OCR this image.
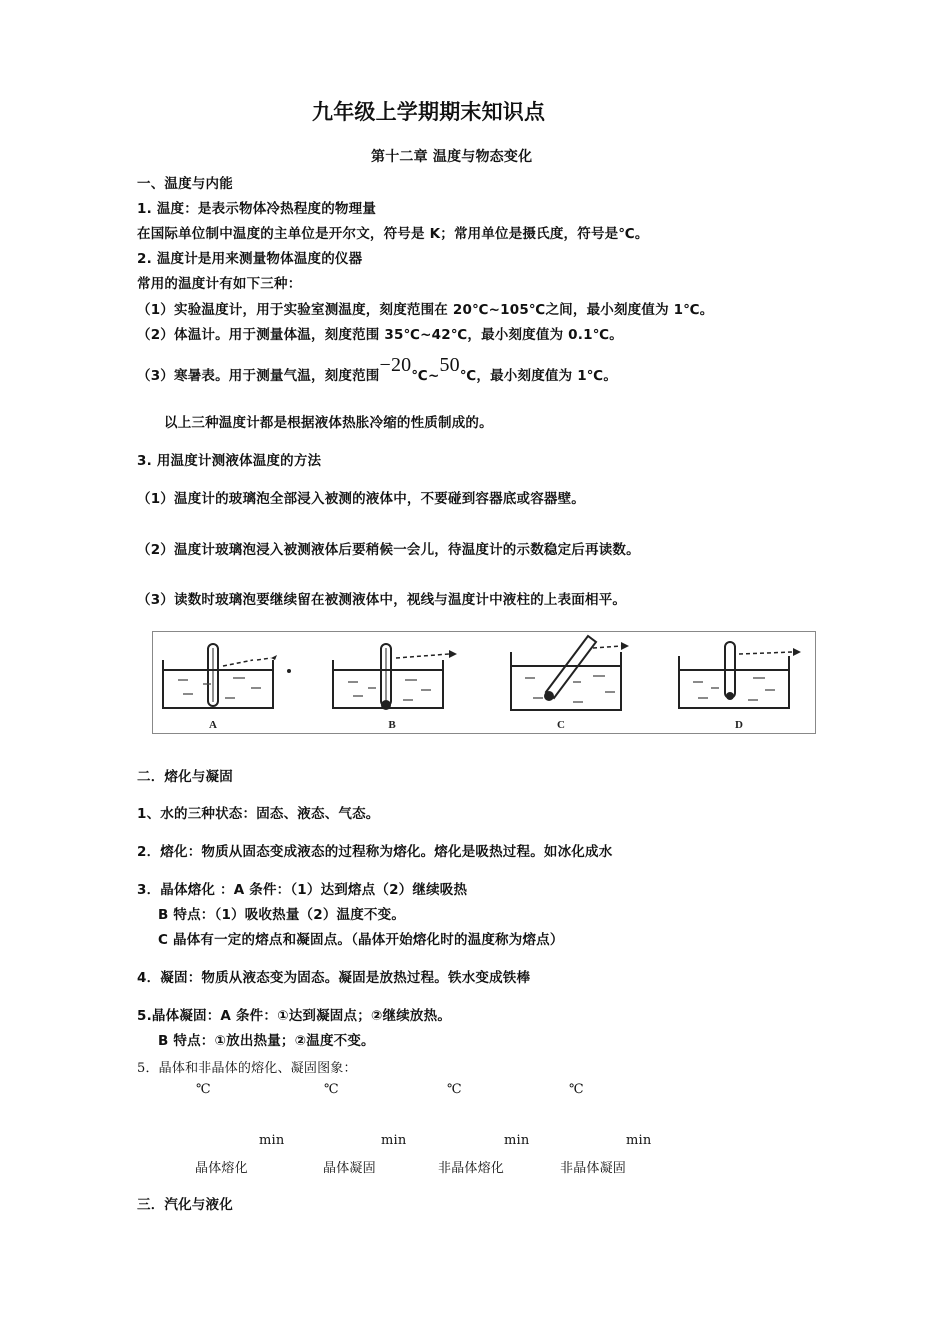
九年级上学期期末知识点
第十二章 温度与物态变化
一、温度与内能
1. 温度：是表示物体冷热程度的物理量
在国际单位制中温度的主单位是开尔文，符号是 K；常用单位是摄氏度，符号是℃。
2. 温度计是用来测量物体温度的仪器
常用的温度计有如下三种：
（1）实验温度计，用于实验室测温度，刻度范围在 20℃~105℃之间，最小刻度值为 1℃。
（2）体温计。用于测量体温，刻度范围 35℃~42℃，最小刻度值为 0.1℃。
（3）寒暑表。用于测量气温，刻度范围−20℃~50℃，最小刻度值为 1℃。
以上三种温度计都是根据液体热胀冷缩的性质制成的。
3. 用温度计测液体温度的方法
（1）温度计的玻璃泡全部浸入被测的液体中，不要碰到容器底或容器壁。
（2）温度计玻璃泡浸入被测液体后要稍候一会儿，待温度计的示数稳定后再读数。
（3）读数时玻璃泡要继续留在被测液体中，视线与温度计中液柱的上表面相平。
A	B	C	D
二．熔化与凝固
1、水的三种状态：固态、液态、气态。
2．熔化：物质从固态变成液态的过程称为熔化。熔化是吸热过程。如冰化成水
3．晶体熔化 ：A 条件：（1）达到熔点（2）继续吸热
B 特点：（1）吸收热量（2）温度不变。
C 晶体有一定的熔点和凝固点。（晶体开始熔化时的温度称为熔点）
4．凝固：物质从液态变为固态。凝固是放热过程。铁水变成铁棒
5.晶体凝固：A 条件：①达到凝固点；②继续放热。
B 特点：①放出热量；②温度不变。
5．晶体和非晶体的熔化、凝固图象：
℃	℃	℃	℃
min	min	min	min
晶体熔化	晶体凝固	非晶体熔化	非晶体凝固
三．汽化与液化
